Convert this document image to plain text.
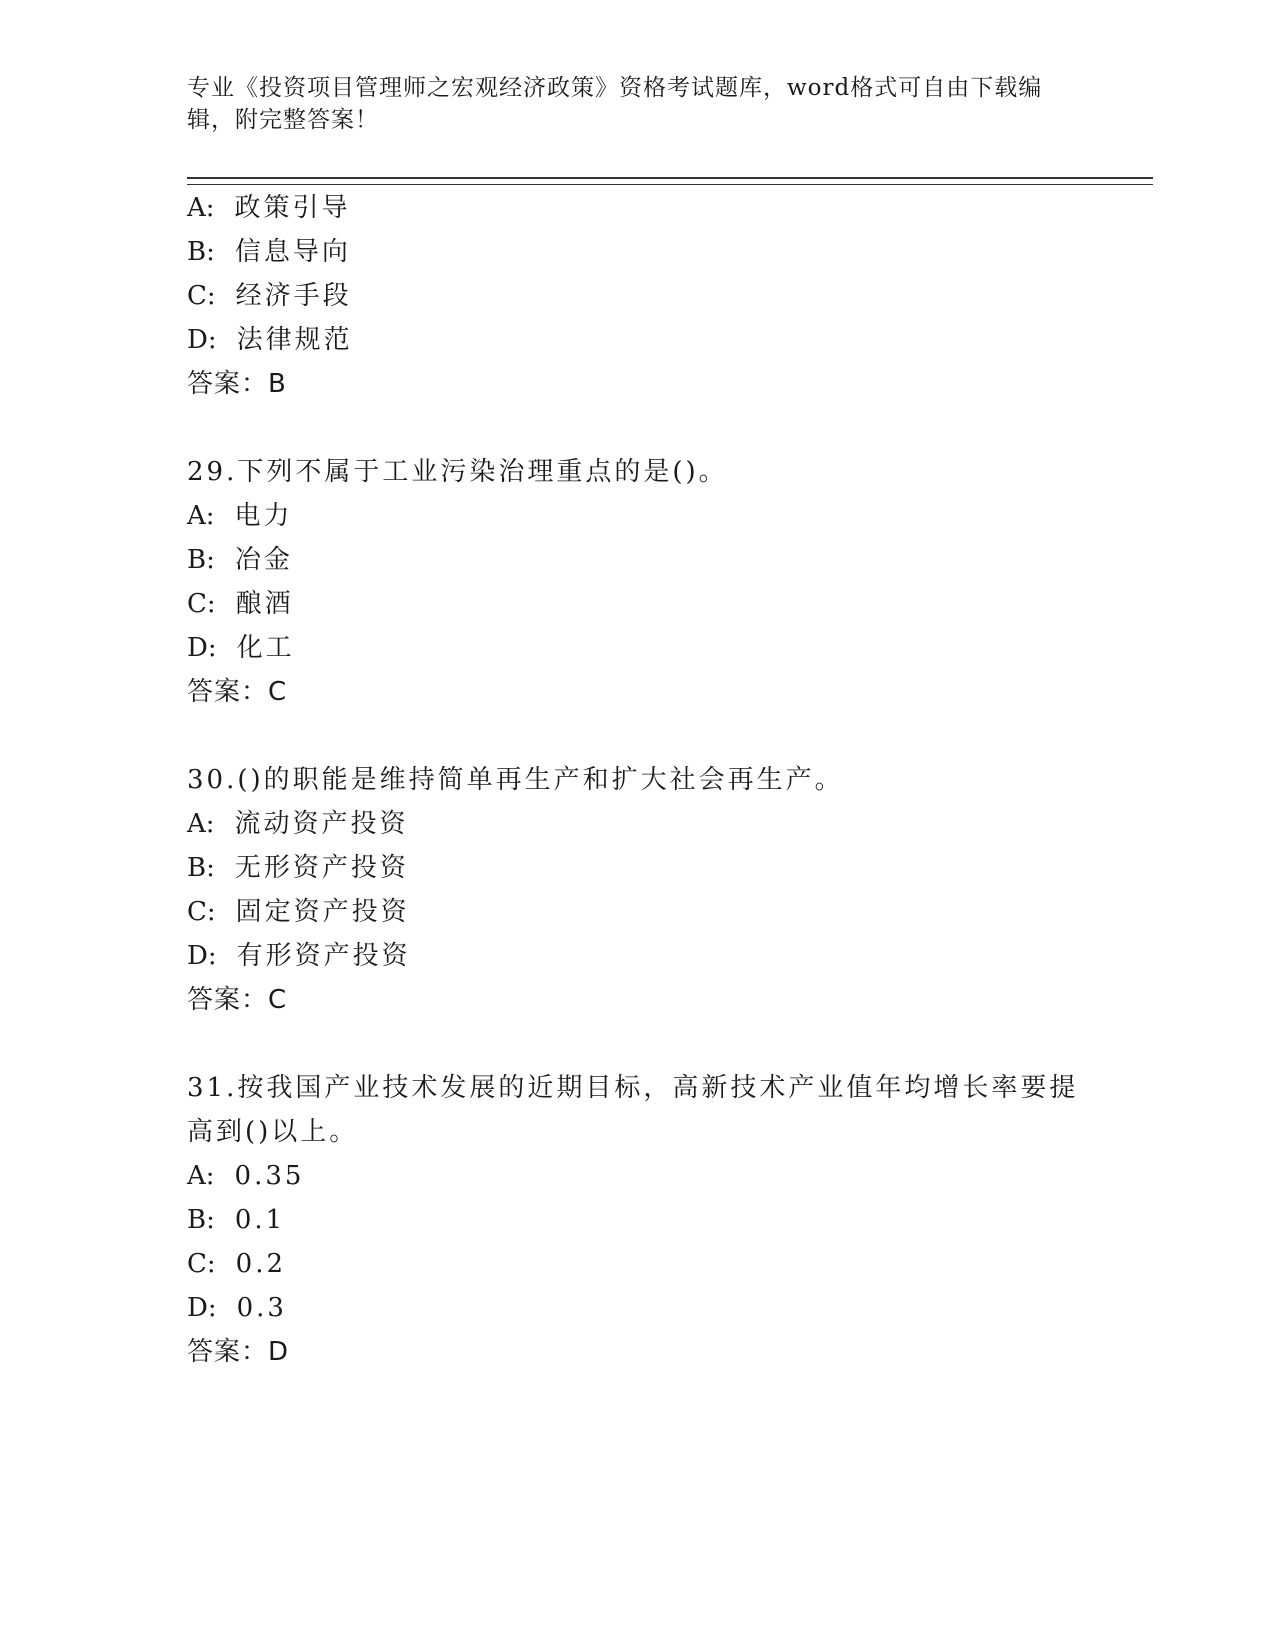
专业《投资项目管理师之宏观经济政策》资格考试题库，word格式可自由下载编
辑，附完整答案！
A: 政策引导
B: 信息导向
C: 经济手段
D: 法律规范
答案：B
29.下列不属于工业污染治理重点的是()。
A: 电力
B: 冶金
C: 酿酒
D: 化工
答案：C
30.()的职能是维持简单再生产和扩大社会再生产。
A: 流动资产投资
B: 无形资产投资
C: 固定资产投资
D: 有形资产投资
答案：C
31.按我国产业技术发展的近期目标，高新技术产业值年均增长率要提
高到()以上。
A: 0.35
B: 0.1
C: 0.2
D: 0.3
答案：D
